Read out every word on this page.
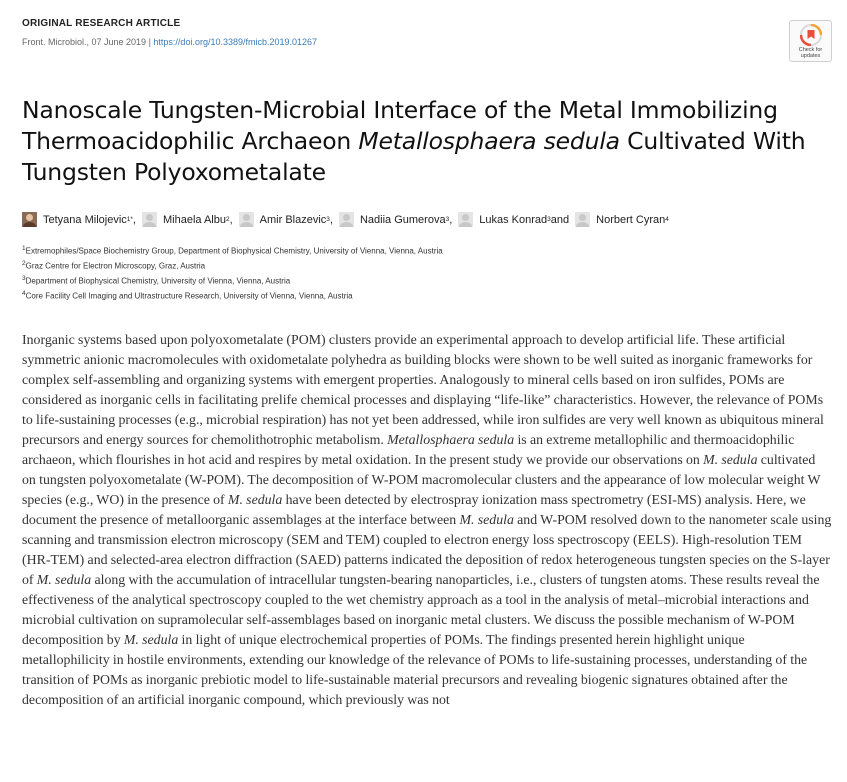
ORIGINAL RESEARCH ARTICLE
Front. Microbiol., 07 June 2019 | https://doi.org/10.3389/fmicb.2019.01267
Check for updates
Nanoscale Tungsten-Microbial Interface of the Metal Immobilizing Thermoacidophilic Archaeon Metallosphaera sedula Cultivated With Tungsten Polyoxometalate
Tetyana Milojevic 1* , Mihaela Albu 2 , Amir Blazevic 3 , Nadiia Gumerova 3 , Lukas Konrad 3 and Norbert Cyran 4
$^1$Extremophiles/Space Biochemistry Group, Department of Biophysical Chemistry, University of Vienna, Vienna, Austria
$^2$Graz Centre for Electron Microscopy, Graz, Austria
$^3$Department of Biophysical Chemistry, University of Vienna, Vienna, Austria
$^4$Core Facility Cell Imaging and Ultrastructure Research, University of Vienna, Vienna, Austria

Inorganic systems based upon polyoxometalate (POM) clusters provide an experimental approach to develop artificial life. These artificial symmetric anionic macromolecules with oxidometalate polyhedra as building blocks were shown to be well suited as inorganic frameworks for complex self-assembling and organizing systems with emergent properties. Analogously to mineral cells based on iron sulfides, POMs are considered as inorganic cells in facilitating prelife chemical processes and displaying “life-like” characteristics. However, the relevance of POMs to life-sustaining processes (e.g., microbial respiration) has not yet been addressed, while iron sulfides are very well known as ubiquitous mineral precursors and energy sources for chemolithotrophic metabolism. Metallosphaera sedula is an extreme metallophilic and thermoacidophilic archaeon, which flourishes in hot acid and respires by metal oxidation. In the present study we provide our observations on M. sedula cultivated on tungsten polyoxometalate (W-POM). The decomposition of W-POM macromolecular clusters and the appearance of low molecular weight W species (e.g., WO) in the presence of M. sedula have been detected by electrospray ionization mass spectrometry (ESI-MS) analysis. Here, we document the presence of metalloorganic assemblages at the interface between M. sedula and W-POM resolved down to the nanometer scale using scanning and transmission electron microscopy (SEM and TEM) coupled to electron energy loss spectroscopy (EELS). High-resolution TEM (HR-TEM) and selected-area electron diffraction (SAED) patterns indicated the deposition of redox heterogeneous tungsten species on the S-layer of M. sedula along with the accumulation of intracellular tungsten-bearing nanoparticles, i.e., clusters of tungsten atoms. These results reveal the effectiveness of the analytical spectroscopy coupled to the wet chemistry approach as a tool in the analysis of metal–microbial interactions and microbial cultivation on supramolecular self-assemblages based on inorganic metal clusters. We discuss the possible mechanism of W-POM decomposition by M. sedula in light of unique electrochemical properties of POMs. The findings presented herein highlight unique metallophilicity in hostile environments, extending our knowledge of the relevance of POMs to life-sustaining processes, understanding of the transition of POMs as inorganic prebiotic model to life-sustainable material precursors and revealing biogenic signatures obtained after the decomposition of an artificial inorganic compound, which previously was not
